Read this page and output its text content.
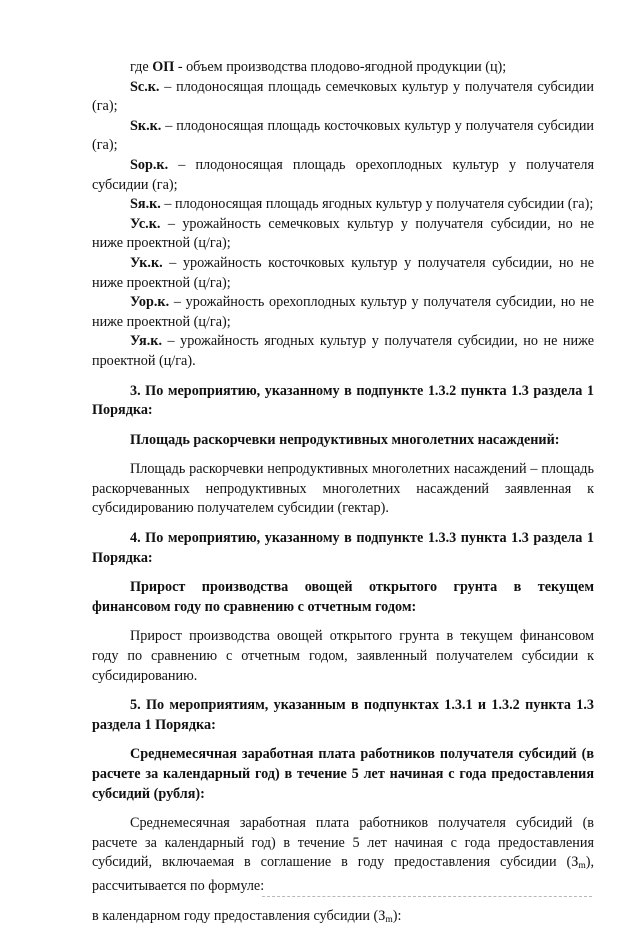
где ОП - объем производства плодово-ягодной продукции (ц);

Sc.к. – плодоносящая площадь семечковых культур у получателя субсидии (га);

Sк.к. – плодоносящая площадь косточковых культур у получателя субсидии (га);

Sор.к. – плодоносящая площадь орехоплодных культур у получателя субсидии (га);

Sя.к. – плодоносящая площадь ягодных культур у получателя субсидии (га);

Ус.к. – урожайность семечковых культур у получателя субсидии, но не ниже проектной (ц/га);

Ук.к. – урожайность косточковых культур у получателя субсидии, но не ниже проектной (ц/га);

Уор.к. – урожайность орехоплодных культур у получателя субсидии, но не ниже проектной (ц/га);

Уя.к. – урожайность ягодных культур у получателя субсидии, но не ниже проектной (ц/га).

3. По мероприятию, указанному в подпункте 1.3.2 пункта 1.3 раздела 1 Порядка:

Площадь раскорчевки непродуктивных многолетних насаждений:

Площадь раскорчевки непродуктивных многолетних насаждений – площадь раскорчеванных непродуктивных многолетних насаждений заявленная к субсидированию получателем субсидии (гектар).

4. По мероприятию, указанному в подпункте 1.3.3 пункта 1.3 раздела 1 Порядка:

Прирост производства овощей открытого грунта в текущем финансовом году по сравнению с отчетным годом:

Прирост производства овощей открытого грунта в текущем финансовом году по сравнению с отчетным годом, заявленный получателем субсидии к субсидированию.

5. По мероприятиям, указанным в подпунктах 1.3.1 и 1.3.2 пункта 1.3 раздела 1 Порядка:

Среднемесячная заработная плата работников получателя субсидий (в расчете за календарный год) в течение 5 лет начиная с года предоставления субсидий (рубля):

Среднемесячная заработная плата работников получателя субсидий (в расчете за календарный год) в течение 5 лет начиная с года предоставления субсидий, включаемая в соглашение в году предоставления субсидии $(З_m)$, рассчитывается по формуле:

в календарном году предоставления субсидии $(З_m)$:
